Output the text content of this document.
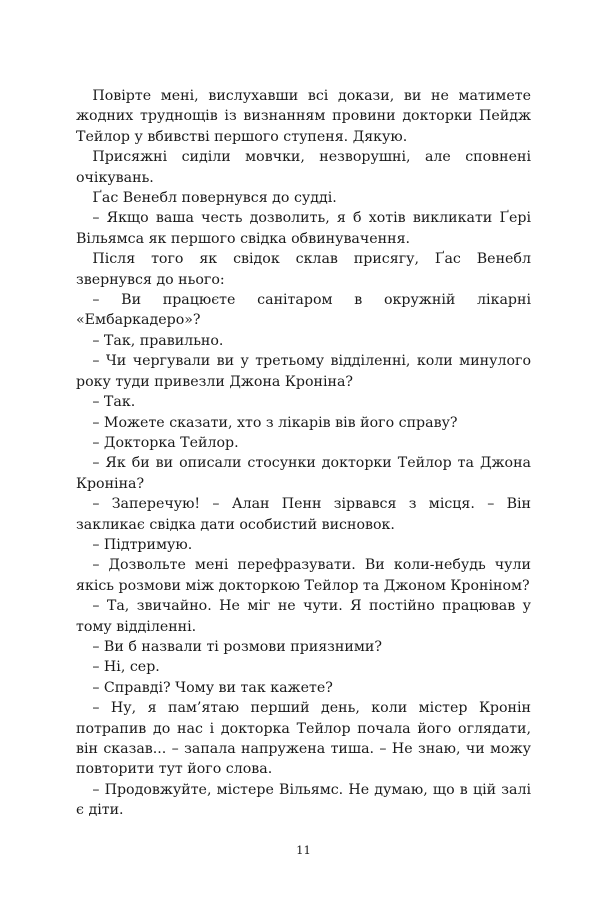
Повірте мені, вислухавши всі докази, ви не матимете жодних труднощів із визнанням провини докторки Пейдж Тейлор у вбивстві першого ступеня. Дякую.

Присяжні сиділи мовчки, незворушні, але сповнені очікувань.

Ґас Венебл повернувся до судді.

– Якщо ваша честь дозволить, я б хотів викликати Ґері Вільямса як першого свідка обвинувачення.

Після того як свідок склав присягу, Ґас Венебл звернувся до нього:

– Ви працюєте санітаром в окружній лікарні «Ембаркадеро»?

– Так, правильно.

– Чи чергували ви у третьому відділенні, коли минулого року туди привезли Джона Кроніна?

– Так.

– Можете сказати, хто з лікарів вів його справу?

– Докторка Тейлор.

– Як би ви описали стосунки докторки Тейлор та Джона Кроніна?

– Заперечую! – Алан Пенн зірвався з місця. – Він закликає свідка дати особистий висновок.

– Підтримую.

– Дозвольте мені перефразувати. Ви коли-небудь чули якісь розмови між докторкою Тейлор та Джоном Кроніном?

– Та, звичайно. Не міг не чути. Я постійно працював у тому відділенні.

– Ви б назвали ті розмови приязними?

– Ні, сер.

– Справді? Чому ви так кажете?

– Ну, я пам’ятаю перший день, коли містер Кронін потрапив до нас і докторка Тейлор почала його оглядати, він сказав... – запала напружена тиша. – Не знаю, чи можу повторити тут його слова.

– Продовжуйте, містере Вільямс. Не думаю, що в цій залі є діти.

11
